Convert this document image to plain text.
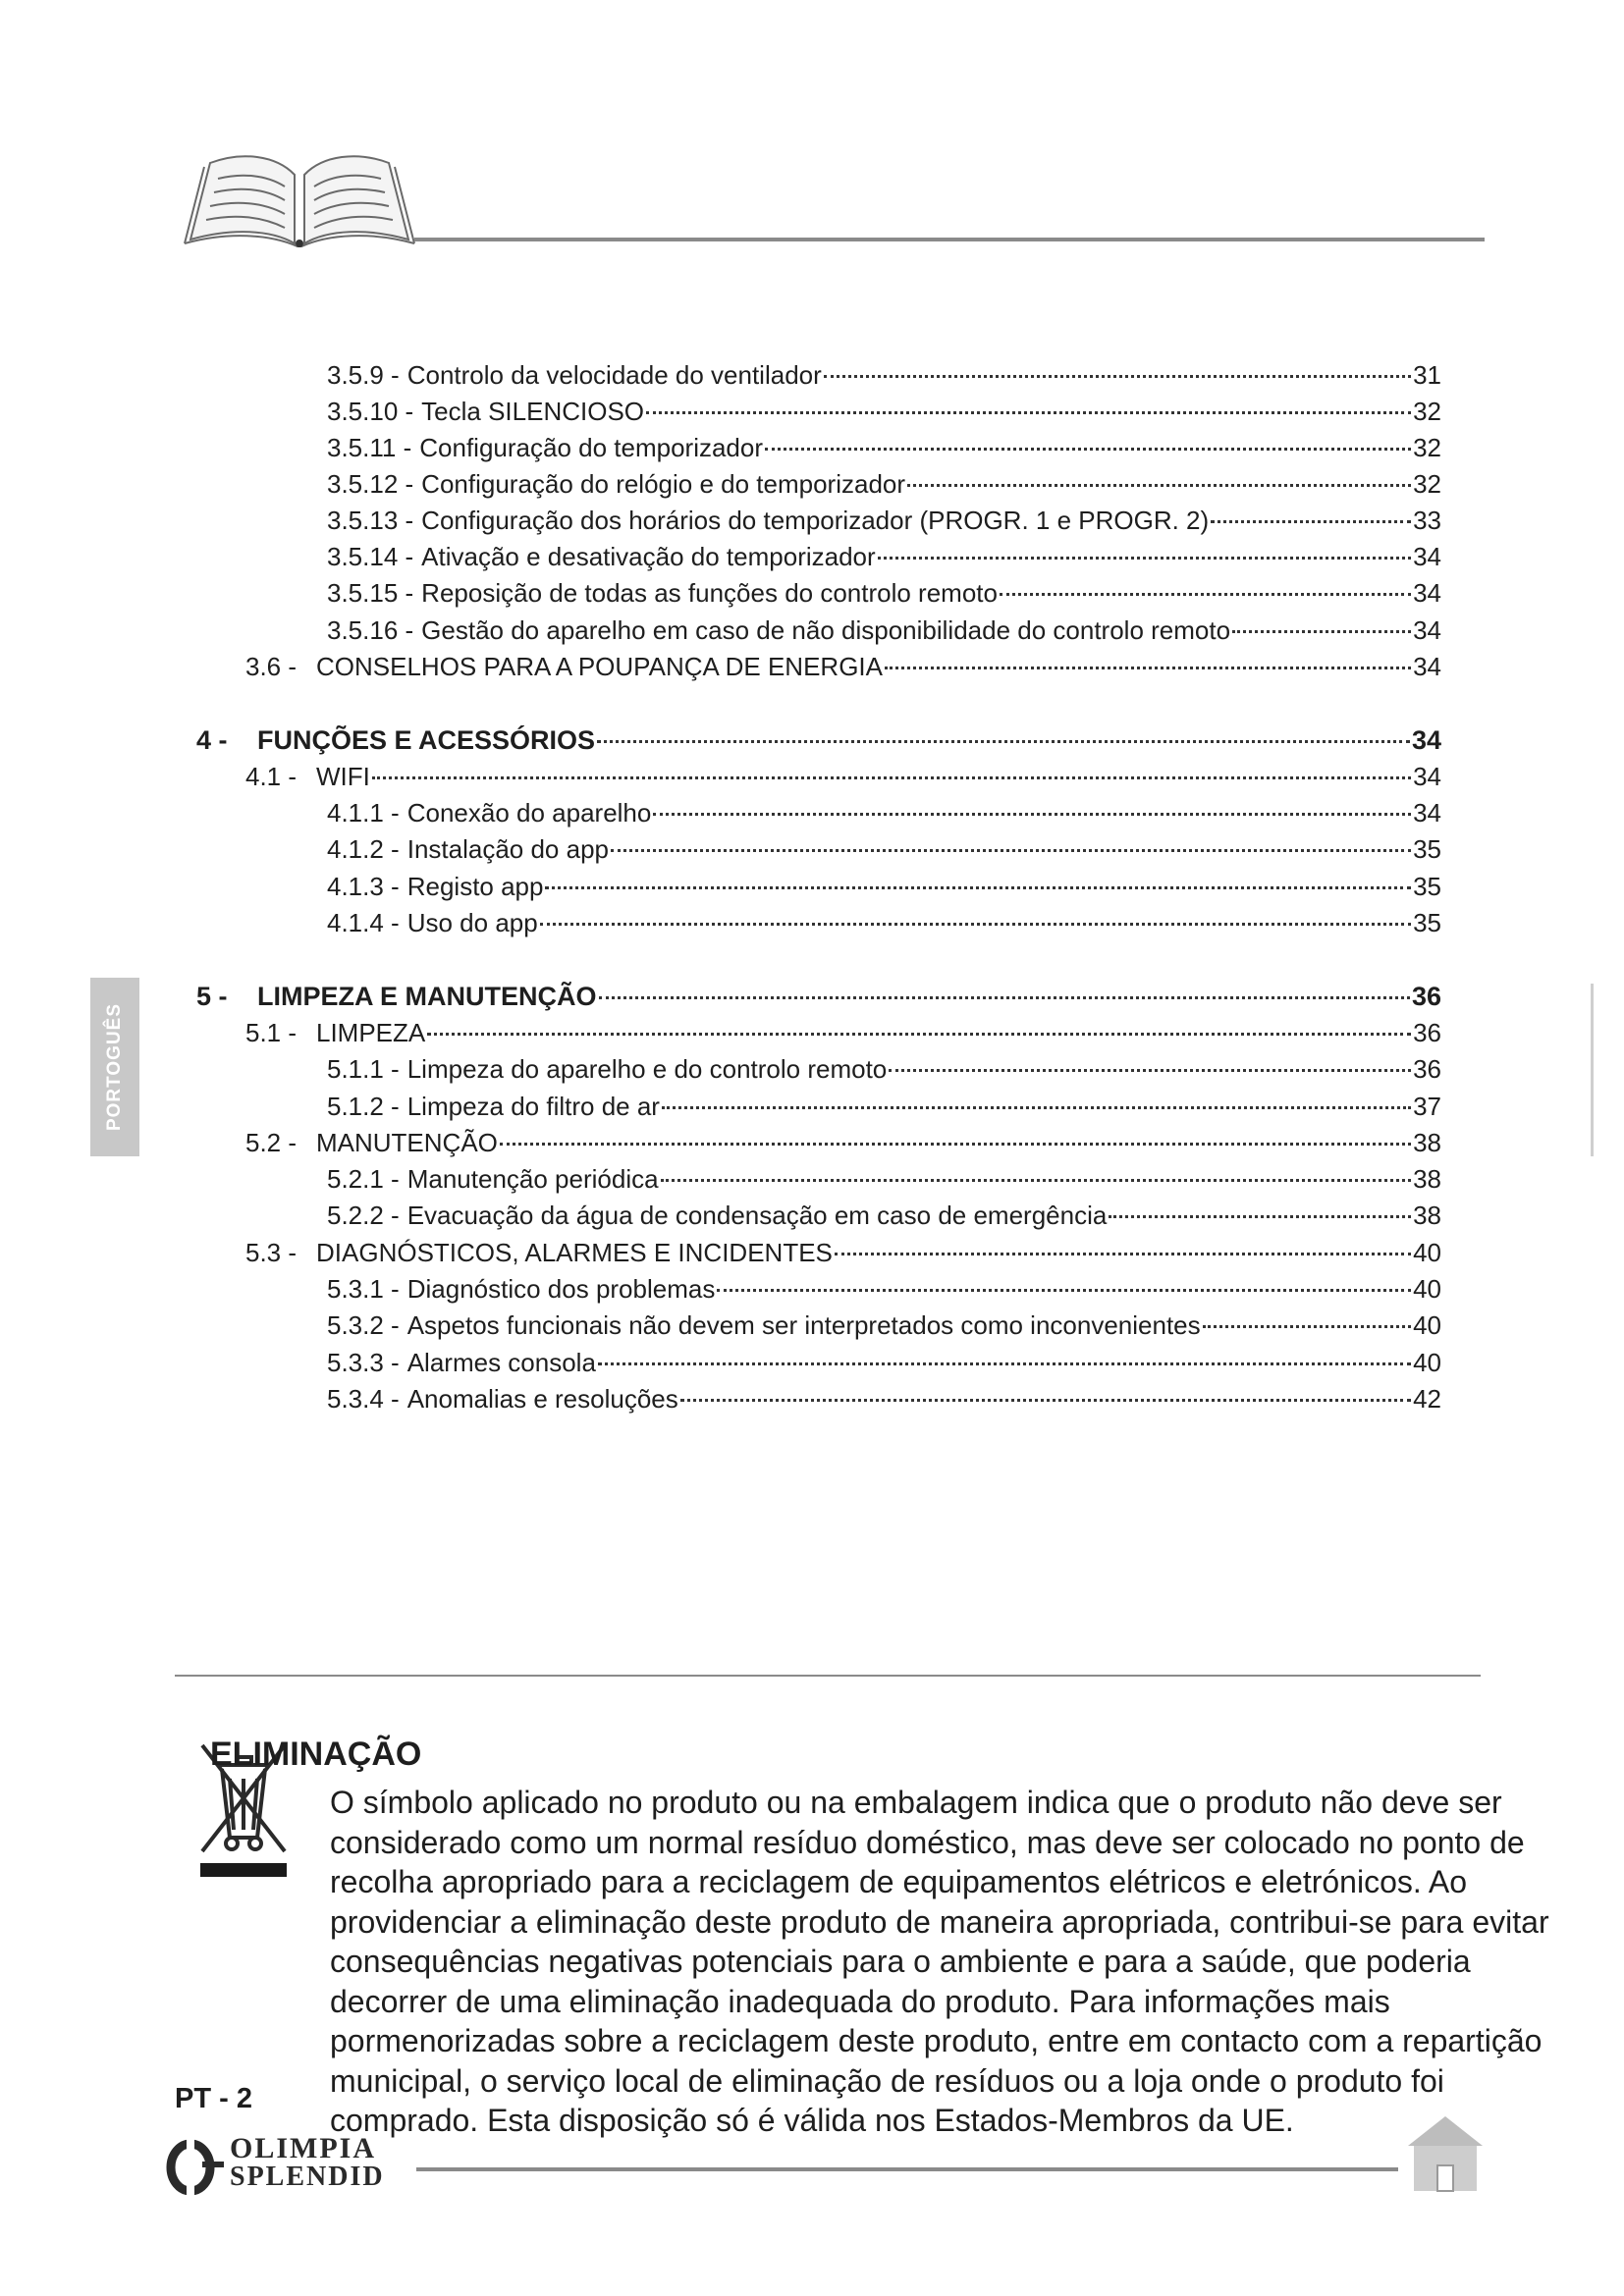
PORTOGUÊS
3.5.9 - Controlo da velocidade do ventilador	31
3.5.10 - Tecla SILENCIOSO	32
3.5.11 - Configuração do temporizador	32
3.5.12 - Configuração do relógio e do temporizador	32
3.5.13 - Configuração dos horários do temporizador (PROGR. 1 e PROGR. 2)	33
3.5.14 - Ativação e desativação do temporizador	34
3.5.15 - Reposição de todas as funções do controlo remoto	34
3.5.16 - Gestão do aparelho em caso de não disponibilidade do controlo remoto	34
3.6 - CONSELHOS PARA A POUPANÇA DE ENERGIA	34
4 -	FUNÇÕES E ACESSÓRIOS	34
4.1 - WIFI	34
4.1.1 - Conexão do aparelho	34
4.1.2 - Instalação do app	35
4.1.3 - Registo app	35
4.1.4 - Uso do app	35
5 -	LIMPEZA E MANUTENÇÃO	36
5.1 - LIMPEZA	36
5.1.1 - Limpeza do aparelho e do controlo remoto	36
5.1.2 - Limpeza do filtro de ar	37
5.2 - MANUTENÇÃO	38
5.2.1 - Manutenção periódica	38
5.2.2 - Evacuação da água de condensação em caso de emergência	38
5.3 - DIAGNÓSTICOS, ALARMES E INCIDENTES	40
5.3.1 - Diagnóstico dos problemas	40
5.3.2 - Aspetos funcionais não devem ser interpretados como inconvenientes	40
5.3.3 - Alarmes consola	40
5.3.4 - Anomalias e resoluções	42
ELIMINAÇÃO
O símbolo aplicado no produto ou na embalagem indica que o produto não deve ser considerado como um normal resíduo doméstico, mas deve ser colocado no ponto de recolha apropriado para a reciclagem de equipamentos elétricos e eletrónicos. Ao providenciar a eliminação deste produto de maneira apropriada, contribui-se para evitar consequências negativas potenciais para o ambiente e para a saúde, que poderia decorrer de uma eliminação inadequada do produto. Para informações mais pormenorizadas sobre a reciclagem deste produto, entre em contacto com a repartição municipal, o serviço local de eliminação de resíduos ou a loja onde o produto foi comprado. Esta disposição só é válida nos Estados-Membros da UE.
PT - 2
OLIMPIA
SPLENDID
